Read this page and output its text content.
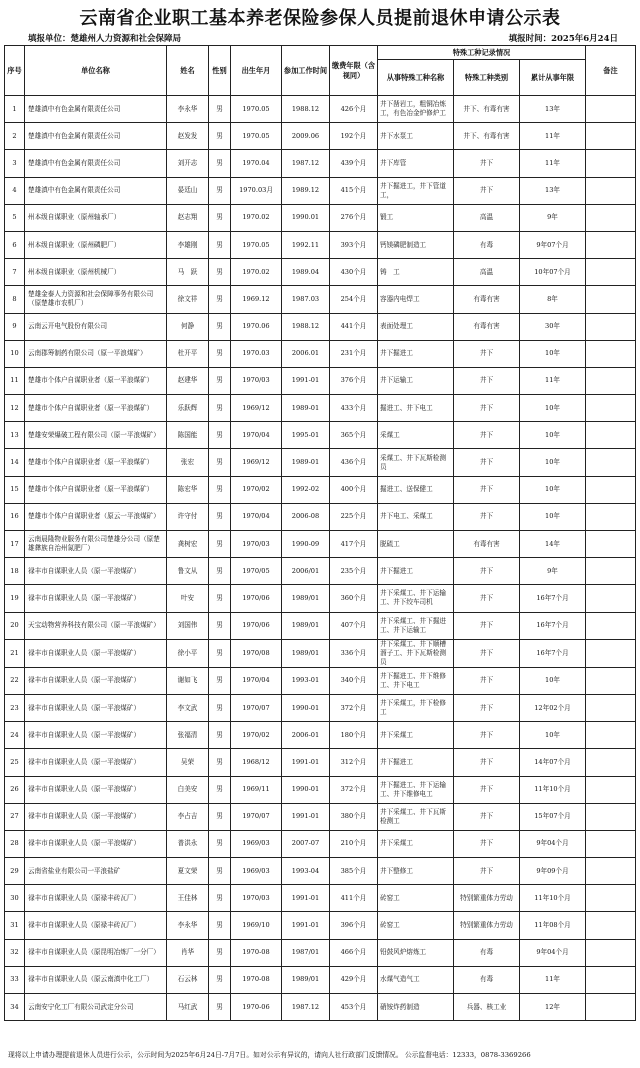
云南省企业职工基本养老保险参保人员提前退休申请公示表
填报单位：楚雄州人力资源和社会保障局	填报时间：2025年6月24日
序号	单位名称	姓名	性别	出生年月	参加工作时间	缴费年限（含视同）	特殊工种记录情况			备注
							从事特殊工种名称	特殊工种类别	累计从事年限	
1	楚雄滇中有色金属有限责任公司	李永华	男	1970.05	1988.12	426个月	井下凿岩工，粗铜冶炼工，有色冶金炉修炉工	井下、有毒有害	13年	
2	楚雄滇中有色金属有限责任公司	赵发发	男	1970.05	2009.06	192个月	井下水泵工	井下、有毒有害	11年	
3	楚雄滇中有色金属有限责任公司	刘开志	男	1970.04	1987.12	439个月	井下库管	井下	11年	
4	楚雄滇中有色金属有限责任公司	晏廷山	男	1970.03月	1989.12	415个月	井下掘进工，井下管道工，	井下	13年	
5	州本级自谋职业（原州轴承厂）	赵志翔	男	1970.02	1990.01	276个月	锻工	高温	9年	
6	州本级自谋职业（原州磷肥厂）	李雄刚	男	1970.05	1992.11	393个月	钙镁磷肥制造工	有毒	9年07个月	
7	州本级自谋职业（原州机械厂）	马　跃	男	1970.02	1989.04	430个月	铸　工	高温	10年07个月	
8	楚雄金泰人力资源和社会保障事务有限公司（原楚雄市农机厂）	徐文祥	男	1969.12	1987.03	254个月	容器内电焊工	有毒有害	8年	
9	云南云开电气股份有限公司	何静	男	1970.06	1988.12	441个月	表面处理工	有毒有害	30年	
10	云南郡筹制药有限公司（原一平浪煤矿）	杜开平	男	1970.03	2006.01	231个月	井下掘进工	井下	10年	
11	楚雄市个体户自谋职业者（原一平浪煤矿）	赵建华	男	1970/03	1991-01	376个月	井下运输工	井下	11年	
12	楚雄市个体户自谋职业者（原一平浪煤矿）	乐跃辉	男	1969/12	1989-01	433个月	掘进工、井下电工	井下	10年	
13	楚雄安荣爆破工程有限公司（原一平浪煤矿）	陈国能	男	1970/04	1995-01	365个月	采煤工	井下	10年	
14	楚雄市个体户自谋职业者（原一平浪煤矿）	张宏	男	1969/12	1989-01	436个月	采煤工、井下瓦斯检测员	井下	10年	
15	楚雄市个体户自谋职业者（原一平浪煤矿）	陈宏华	男	1970/02	1992-02	400个月	掘进工、送保健工	井下	10年	
16	楚雄市个体户自谋职业者（原云一平浪煤矿）	许守付	男	1970/04	2006-08	225个月	井下电工、采煤工	井下	10年	
17	云南晨隆物业服务有限公司楚雄分公司（原楚雄彝族自治州氮肥厂）	龚树宏	男	1970/03	1990-09	417个月	脱硫工	有毒有害	14年	
18	禄丰市自谋职业人员（原一平浪煤矿）	鲁文从	男	1970/05	2006/01	235个月	井下掘进工	井下	9年	
19	禄丰市自谋职业人员（原一平浪煤矿）	叶安	男	1970/06	1989/01	360个月	井下采煤工、井下运输工、井下绞车司机	井下	16年7个月	
20	天宝动物营养科技有限公司（原一平浪煤矿）	刘国伟	男	1970/06	1989/01	407个月	井下采煤工、井下掘进工、井下运输工	井下	16年7个月	
21	禄丰市自谋职业人员（原一平浪煤矿）	徐小平	男	1970/08	1989/01	336个月	井下采煤工、井下顺槽溜子工、井下瓦斯检测员	井下	16年7个月	
22	禄丰市自谋职业人员（原一平浪煤矿）	谢如飞	男	1970/04	1993-01	340个月	井下掘进工、井下维修工、井下电工	井下	10年	
23	禄丰市自谋职业人员（原一平浪煤矿）	李文武	男	1970/07	1990-01	372个月	井下采煤工，井下检修工	井下	12年02个月	
24	禄丰市自谋职业人员（原一平浪煤矿）	张福清	男	1970/02	2006-01	180个月	井下采煤工	井下	10年	
25	禄丰市自谋职业人员（原一平浪煤矿）	吴荣	男	1968/12	1991-01	312个月	井下掘进工	井下	14年07个月	
26	禄丰市自谋职业人员（原一平浪煤矿）	白美安	男	1969/11	1990-01	372个月	井下掘进工、井下运输工、井下维修电工	井下	11年10个月	
27	禄丰市自谋职业人员（原一平浪煤矿）	李占吉	男	1970/07	1991-01	380个月	井下采煤工、井下瓦斯检测工	井下	15年07个月	
28	禄丰市自谋职业人员（原一平浪煤矿）	普洪永	男	1969/03	2007-07	210个月	井下采煤工	井下	9年04个月	
29	云南省盐业有限公司一平浪盐矿	夏文荣	男	1969/03	1993-04	385个月	井下整修工	井下	9年09个月	
30	禄丰市自谋职业人员（原禄丰砖瓦厂）	王佳林	男	1970/03	1991-01	411个月	砖窑工	特别繁重体力劳动	11年10个月	
31	禄丰市自谋职业人员（原禄丰砖瓦厂）	李永华	男	1969/10	1991-01	396个月	砖窑工	特别繁重体力劳动	11年08个月	
32	禄丰市自谋职业人员（原昆明冶炼厂一分厂）	肖华	男	1970-08	1987/01	466个月	铅鼓风炉熔炼工	有毒	9年04个月	
33	禄丰市自谋职业人员（原云南滇中化工厂）	石云林	男	1970-08	1989/01	429个月	水煤气造气工	有毒	11年	
34	云南安宁化工厂有限公司武定分公司	马红武	男	1970-06	1987.12	453个月	硝铵炸药制造	兵器、核工业	12年	
现将以上申请办理提前退休人员进行公示，公示时间为2025年6月24日-7月7日。如对公示有异议的，请向人社行政部门反馈情况。 公示监督电话：12333，0878-3369266
